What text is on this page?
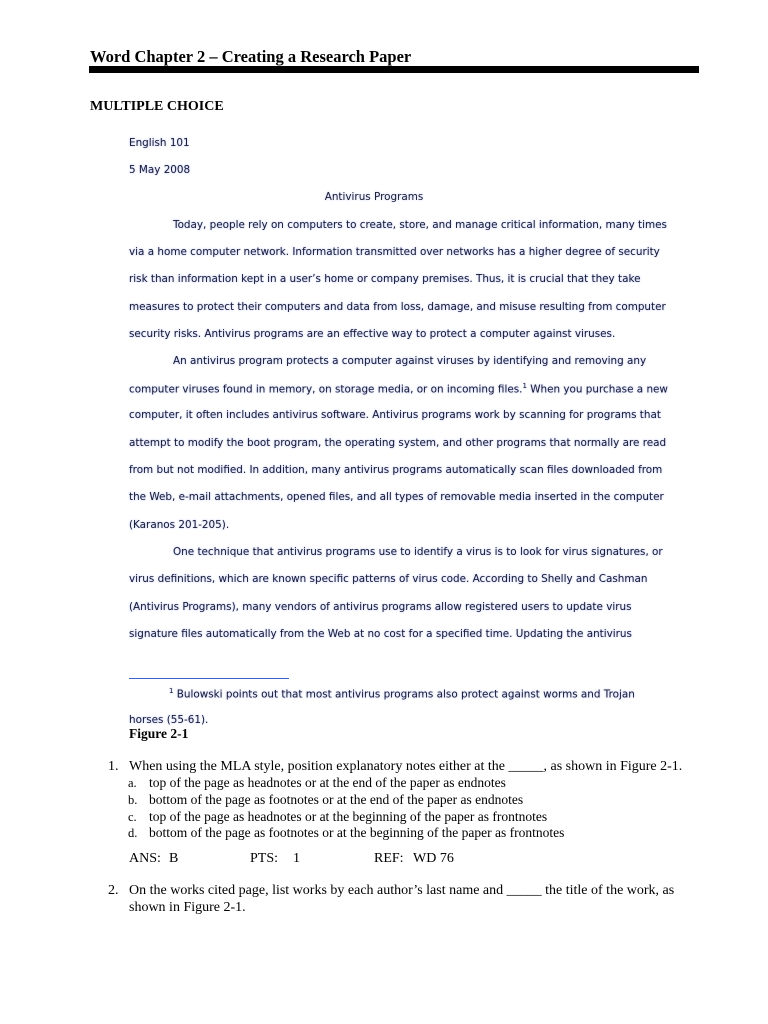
Word Chapter 2 – Creating a Research Paper
MULTIPLE CHOICE
English 101
5 May 2008
Antivirus Programs
Today, people rely on computers to create, store, and manage critical information, many times
via a home computer network. Information transmitted over networks has a higher degree of security
risk than information kept in a user’s home or company premises. Thus, it is crucial that they take
measures to protect their computers and data from loss, damage, and misuse resulting from computer
security risks. Antivirus programs are an effective way to protect a computer against viruses.
An antivirus program protects a computer against viruses by identifying and removing any
computer viruses found in memory, on storage media, or on incoming files.$^1$ When you purchase a new
computer, it often includes antivirus software. Antivirus programs work by scanning for programs that
attempt to modify the boot program, the operating system, and other programs that normally are read
from but not modified. In addition, many antivirus programs automatically scan files downloaded from
the Web, e-mail attachments, opened files, and all types of removable media inserted in the computer
(Karanos 201-205).
One technique that antivirus programs use to identify a virus is to look for virus signatures, or
virus definitions, which are known specific patterns of virus code. According to Shelly and Cashman
(Antivirus Programs), many vendors of antivirus programs allow registered users to update virus
signature files automatically from the Web at no cost for a specified time. Updating the antivirus
$^1$ Bulowski points out that most antivirus programs also protect against worms and Trojan
horses (55-61).
Figure 2-1
1. When using the MLA style, position explanatory notes either at the _____, as shown in Figure 2-1.
a. top of the page as headnotes or at the end of the paper as endnotes
b. bottom of the page as footnotes or at the end of the paper as endnotes
c. top of the page as headnotes or at the beginning of the paper as frontnotes
d. bottom of the page as footnotes or at the beginning of the paper as frontnotes
ANS: B	PTS: 1	REF: WD 76
2. On the works cited page, list works by each author’s last name and _____ the title of the work, as
shown in Figure 2-1.
